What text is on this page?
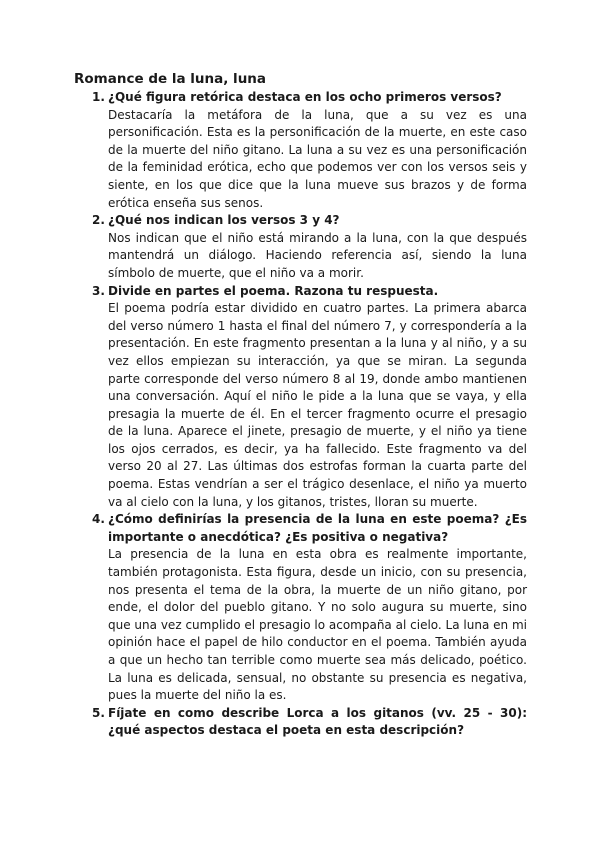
Romance de la luna, luna
1. ¿Qué figura retórica destaca en los ocho primeros versos?

Destacaría la metáfora de la luna, que a su vez es una personificación. Esta es la personificación de la muerte, en este caso de la muerte del niño gitano. La luna a su vez es una personificación de la feminidad erótica, echo que podemos ver con los versos seis y siente, en los que dice que la luna mueve sus brazos y de forma erótica enseña sus senos.

2. ¿Qué nos indican los versos 3 y 4?

Nos indican que el niño está mirando a la luna, con la que después mantendrá un diálogo. Haciendo referencia así, siendo la luna símbolo de muerte, que el niño va a morir.

3. Divide en partes el poema. Razona tu respuesta.

El poema podría estar dividido en cuatro partes. La primera abarca del verso número 1 hasta el final del número 7, y correspondería a la presentación. En este fragmento presentan a la luna y al niño, y a su vez ellos empiezan su interacción, ya que se miran. La segunda parte corresponde del verso número 8 al 19, donde ambo mantienen una conversación. Aquí el niño le pide a la luna que se vaya, y ella presagia la muerte de él. En el tercer fragmento ocurre el presagio de la luna. Aparece el jinete, presagio de muerte, y el niño ya tiene los ojos cerrados, es decir, ya ha fallecido. Este fragmento va del verso 20 al 27. Las últimas dos estrofas forman la cuarta parte del poema. Estas vendrían a ser el trágico desenlace, el niño ya muerto va al cielo con la luna, y los gitanos, tristes, lloran su muerte.

4. ¿Cómo definirías la presencia de la luna en este poema? ¿Es importante o anecdótica? ¿Es positiva o negativa?

La presencia de la luna en esta obra es realmente importante, también protagonista. Esta figura, desde un inicio, con su presencia, nos presenta el tema de la obra, la muerte de un niño gitano, por ende, el dolor del pueblo gitano. Y no solo augura su muerte, sino que una vez cumplido el presagio lo acompaña al cielo. La luna en mi opinión hace el papel de hilo conductor en el poema. También ayuda a que un hecho tan terrible como muerte sea más delicado, poético. La luna es delicada, sensual, no obstante su presencia es negativa, pues la muerte del niño la es.

5. Fíjate en como describe Lorca a los gitanos (vv. 25 - 30): ¿qué aspectos destaca el poeta en esta descripción?
